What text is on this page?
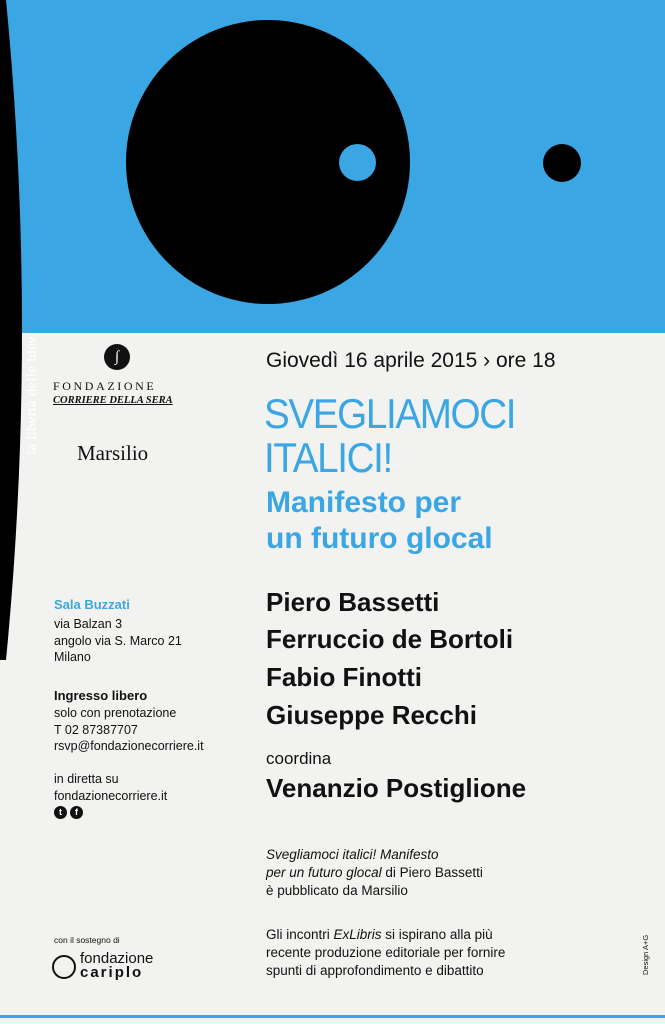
la libertà delle idee	∫
FONDAZIONE
CORRIERE DELLA SERA
Marsilio
Sala Buzzati
via Balzan 3
angolo via S. Marco 21
Milano
Ingresso libero
solo con prenotazione
T 02 87387707
rsvp@fondazionecorriere.it
in diretta su
fondazionecorriere.it
t f
con il sostegno di
fondazione
cariplo
Giovedì 16 aprile 2015 › ore 18
SVEGLIAMOCI
ITALICI!
Manifesto per
un futuro glocal
Piero Bassetti
Ferruccio de Bortoli
Fabio Finotti
Giuseppe Recchi
coordina
Venanzio Postiglione
Svegliamoci italici! Manifesto
per un futuro glocal di Piero Bassetti
è pubblicato da Marsilio
Gli incontri ExLibris si ispirano alla più
recente produzione editoriale per fornire
spunti di approfondimento e dibattito	Design A+G
